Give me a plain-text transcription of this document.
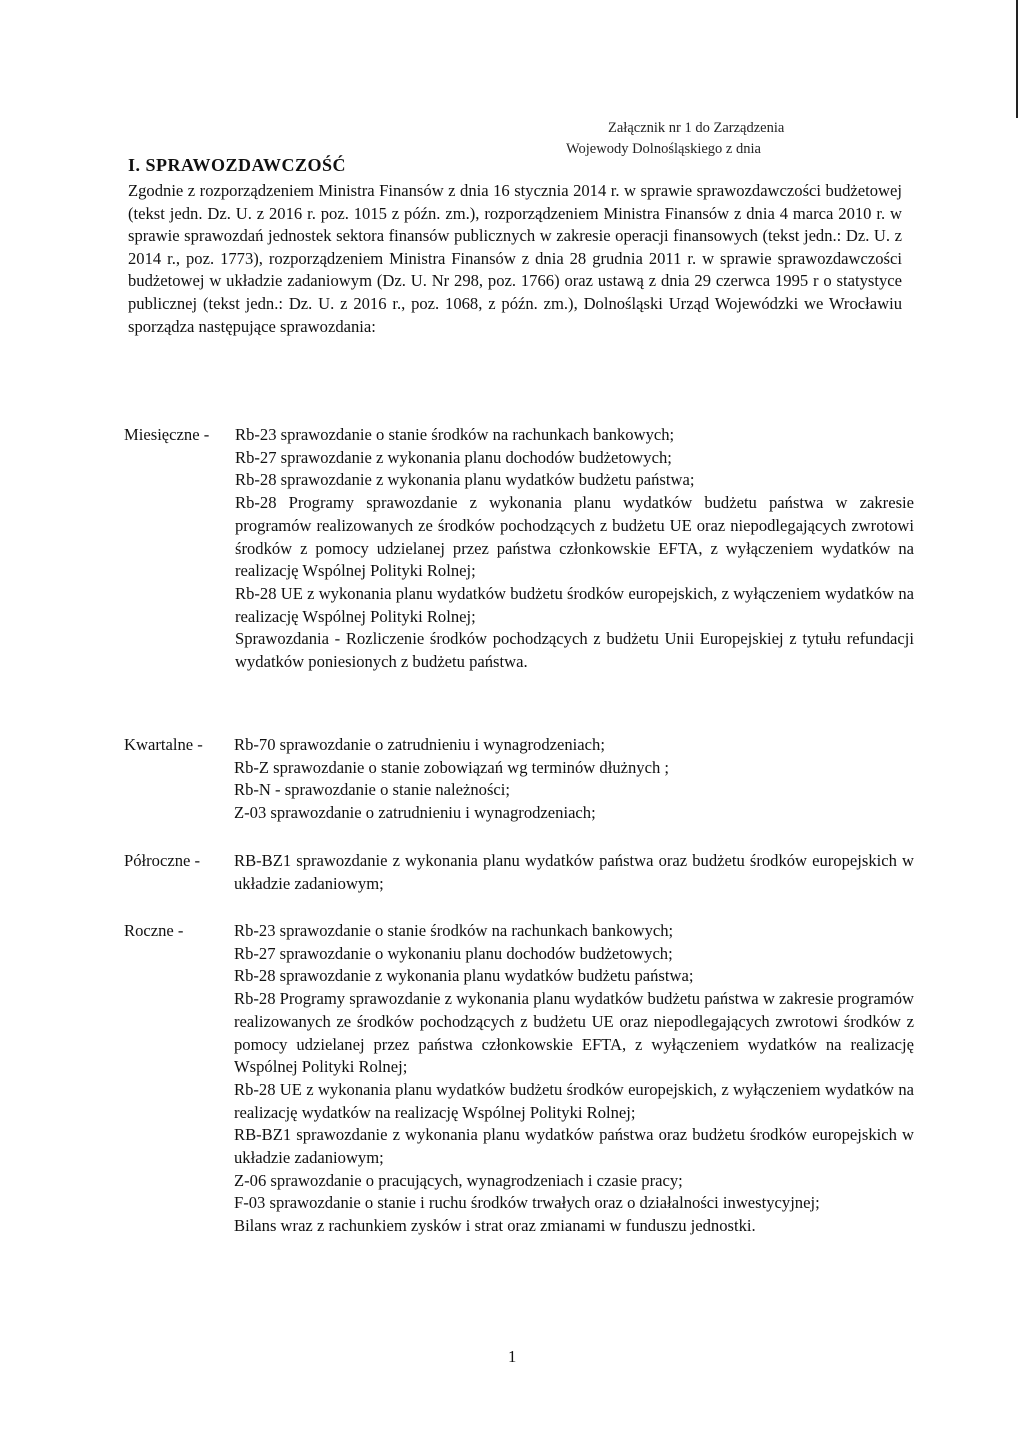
Załącznik nr 1 do Zarządzenia
Wojewody Dolnośląskiego z dnia
I. SPRAWOZDAWCZOŚĆ
Zgodnie z rozporządzeniem Ministra Finansów z dnia 16 stycznia 2014 r. w sprawie sprawozdawczości budżetowej (tekst jedn. Dz. U. z 2016 r. poz. 1015 z późn. zm.), rozporządzeniem Ministra Finansów z dnia 4 marca 2010 r. w sprawie sprawozdań jednostek sektora finansów publicznych w zakresie operacji finansowych (tekst jedn.: Dz. U. z 2014 r., poz. 1773), rozporządzeniem Ministra Finansów z dnia 28 grudnia 2011 r. w sprawie sprawozdawczości budżetowej w układzie zadaniowym (Dz. U. Nr 298, poz. 1766) oraz ustawą z dnia 29 czerwca 1995 r o statystyce publicznej (tekst jedn.: Dz. U. z 2016 r., poz. 1068, z późn. zm.), Dolnośląski Urząd Wojewódzki we Wrocławiu sporządza następujące sprawozdania:
Miesięczne - Rb-23 sprawozdanie o stanie środków na rachunkach bankowych;
Rb-27 sprawozdanie z wykonania planu dochodów budżetowych;
Rb-28 sprawozdanie z wykonania planu wydatków budżetu państwa;
Rb-28 Programy sprawozdanie z wykonania planu wydatków budżetu państwa w zakresie programów realizowanych ze środków pochodzących z budżetu UE oraz niepodlegających zwrotowi środków z pomocy udzielanej przez państwa członkowskie EFTA, z wyłączeniem wydatków na realizację Wspólnej Polityki Rolnej;
Rb-28 UE z wykonania planu wydatków budżetu środków europejskich, z wyłączeniem wydatków na realizację Wspólnej Polityki Rolnej;
Sprawozdania - Rozliczenie środków pochodzących z budżetu Unii Europejskiej z tytułu refundacji wydatków poniesionych z budżetu państwa.
Kwartalne - Rb-70 sprawozdanie o zatrudnieniu i wynagrodzeniach;
Rb-Z sprawozdanie o stanie zobowiązań wg terminów dłużnych ;
Rb-N - sprawozdanie o stanie należności;
Z-03 sprawozdanie o zatrudnieniu i wynagrodzeniach;
Półroczne - RB-BZ1 sprawozdanie z wykonania planu wydatków państwa oraz budżetu środków europejskich w układzie zadaniowym;
Roczne -	Rb-23 sprawozdanie o stanie środków na rachunkach bankowych;
Rb-27 sprawozdanie o wykonaniu planu dochodów budżetowych;
Rb-28 sprawozdanie z wykonania planu wydatków budżetu państwa;
Rb-28 Programy sprawozdanie z wykonania planu wydatków budżetu państwa w zakresie programów realizowanych ze środków pochodzących z budżetu UE oraz niepodlegających zwrotowi środków z pomocy udzielanej przez państwa członkowskie EFTA, z wyłączeniem wydatków na realizację Wspólnej Polityki Rolnej;
Rb-28 UE z wykonania planu wydatków budżetu środków europejskich, z wyłączeniem wydatków na realizację wydatków na realizację Wspólnej Polityki Rolnej;
RB-BZ1 sprawozdanie z wykonania planu wydatków państwa oraz budżetu środków europejskich w układzie zadaniowym;
Z-06 sprawozdanie o pracujących, wynagrodzeniach i czasie pracy;
F-03 sprawozdanie o stanie i ruchu środków trwałych oraz o działalności inwestycyjnej;
Bilans wraz z rachunkiem zysków i strat oraz zmianami w funduszu jednostki.
1
